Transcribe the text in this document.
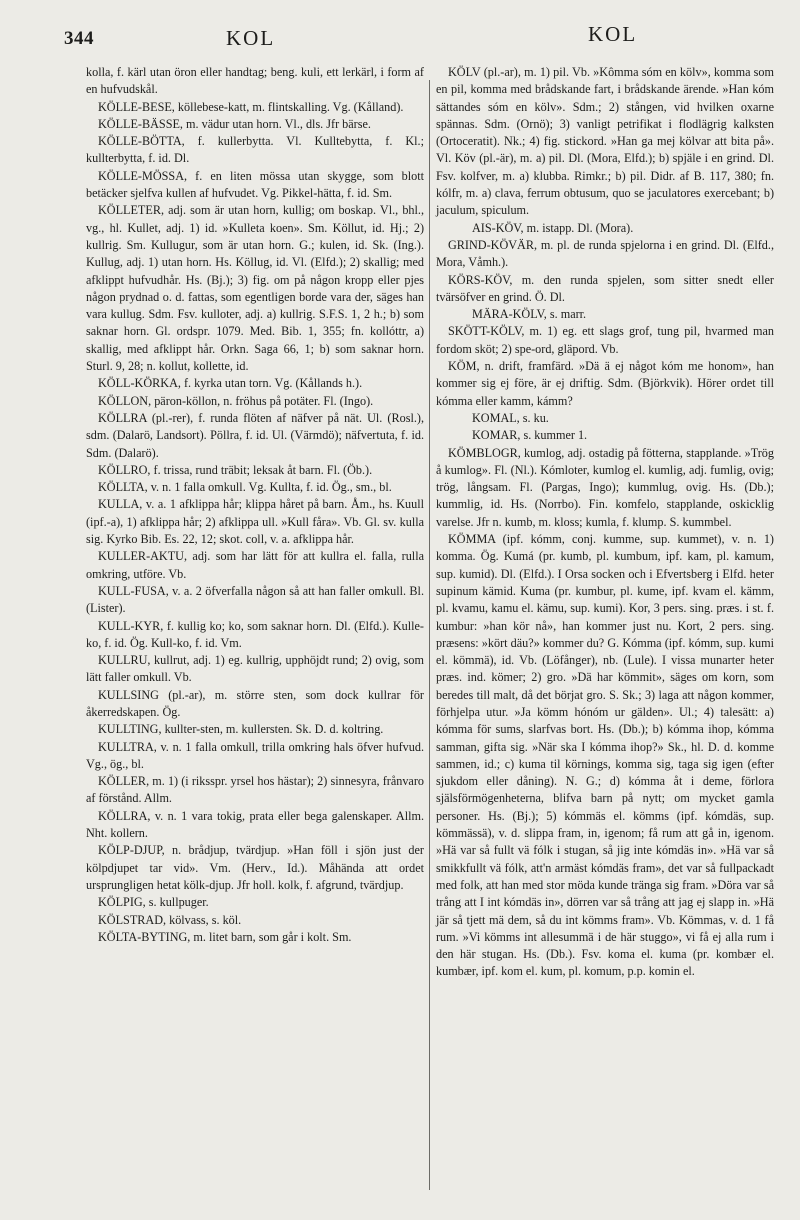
344	KOL	KOL

kolla, f. kärl utan öron eller handtag; beng. kuli, ett lerkärl, i form af en hufvudskål.

KÖLLE-BESE, köllebese-katt, m. flintskalling. Vg. (Kålland).

KÖLLE-BÄSSE, m. vädur utan horn. Vl., dls. Jfr bärse.

KÖLLE-BÖTTA, f. kullerbytta. Vl. Kulltebytta, f. Kl.; kullterbytta, f. id. Dl.

KÖLLE-MÖSSA, f. en liten mössa utan skygge, som blott betäcker sjelfva kullen af hufvudet. Vg. Pikkel-hätta, f. id. Sm.

KÖLLETER, adj. som är utan horn, kullig; om boskap. Vl., bhl., vg., hl. Kullet, adj. 1) id. »Kulleta koen». Sm. Köllut, id. Hj.; 2) kullrig. Sm. Kullugur, som är utan horn. G.; kulen, id. Sk. (Ing.). Kullug, adj. 1) utan horn. Hs. Köllug, id. Vl. (Elfd.); 2) skallig; med afklippt hufvudhår. Hs. (Bj.); 3) fig. om på någon kropp eller pjes någon prydnad o. d. fattas, som egentligen borde vara der, säges han vara kullug. Sdm. Fsv. kulloter, adj. a) kullrig. S.F.S. 1, 2 h.; b) som saknar horn. Gl. ordspr. 1079. Med. Bib. 1, 355; fn. kollóttr, a) skallig, med afklippt hår. Orkn. Saga 66, 1; b) som saknar horn. Sturl. 9, 28; n. kollut, kollette, id.

KÖLL-KÖRKA, f. kyrka utan torn. Vg. (Kållands h.).

KÖLLON, päron-köllon, n. fröhus på potäter. Fl. (Ingo).

KÖLLRA (pl.-rer), f. runda flöten af näfver på nät. Ul. (Rosl.), sdm. (Dalarö, Landsort). Pöllra, f. id. Ul. (Värmdö); näfvertuta, f. id. Sdm. (Dalarö).

KÖLLRO, f. trissa, rund träbit; leksak åt barn. Fl. (Öb.).

KÖLLTA, v. n. 1 falla omkull. Vg. Kullta, f. id. Ög., sm., bl.

KULLA, v. a. 1 afklippa hår; klippa håret på barn. Åm., hs. Kuull (ipf.-a), 1) afklippa hår; 2) afklippa ull. »Kull fåra». Vb. Gl. sv. kulla sig. Kyrko Bib. Es. 22, 12; skot. coll, v. a. afklippa hår.

KULLER-AKTU, adj. som har lätt för att kullra el. falla, rulla omkring, utföre. Vb.

KULL-FUSA, v. a. 2 öfverfalla någon så att han faller omkull. Bl. (Lister).

KULL-KYR, f. kullig ko; ko, som saknar horn. Dl. (Elfd.). Kulle-ko, f. id. Ög. Kull-ko, f. id. Vm.

KULLRU, kullrut, adj. 1) eg. kullrig, upphöjdt rund; 2) ovig, som lätt faller omkull. Vb.

KULLSING (pl.-ar), m. större sten, som dock kullrar för åkerredskapen. Ög.

KULLTING, kullter-sten, m. kullersten. Sk. D. d. koltring.

KULLTRA, v. n. 1 falla omkull, trilla omkring hals öfver hufvud. Vg., ög., bl.

KÖLLER, m. 1) (i riksspr. yrsel hos hästar); 2) sinnesyra, frånvaro af förstånd. Allm.

KÖLLRA, v. n. 1 vara tokig, prata eller bega galenskaper. Allm. Nht. kollern.

KÖLP-DJUP, n. brådjup, tvärdjup. »Han föll i sjön just der kölpdjupet tar vid». Vm. (Herv., Id.). Måhända att ordet ursprungligen hetat kölk-djup. Jfr holl. kolk, f. afgrund, tvärdjup.

KÖLPIG, s. kullpuger.

KÖLSTRAD, kölvass, s. köl.

KÖLTA-BYTING, m. litet barn, som går i kolt. Sm.

KÖLV (pl.-ar), m. 1) pil. Vb. »Kômma sóm en kölv», komma som en pil, komma med brådskande fart, i brådskande ärende. »Han kóm sättandes sóm en kölv». Sdm.; 2) stången, vid hvilken oxarne spännas. Sdm. (Ornö); 3) vanligt petrifikat i flodlägrig kalksten (Ortoceratit). Nk.; 4) fig. stickord. »Han ga mej kölvar att bita på». Vl. Köv (pl.-är), m. a) pil. Dl. (Mora, Elfd.); b) spjäle i en grind. Dl. Fsv. kolfver, m. a) klubba. Rimkr.; b) pil. Didr. af B. 117, 380; fn. kólfr, m. a) clava, ferrum obtusum, quo se jaculatores exercebant; b) jaculum, spiculum.

AIS-KÖV, m. istapp. Dl. (Mora).

GRIND-KÖVÄR, m. pl. de runda spjelorna i en grind. Dl. (Elfd., Mora, Våmh.).

KÖRS-KÖV, m. den runda spjelen, som sitter snedt eller tvärsöfver en grind. Ö. Dl.

MÄRA-KÖLV, s. marr.

SKÖTT-KÖLV, m. 1) eg. ett slags grof, tung pil, hvarmed man fordom sköt; 2) spe-ord, gläpord. Vb.

KÖM, n. drift, framfärd. »Dä ä ej något kóm me honom», han kommer sig ej före, är ej driftig. Sdm. (Björkvik). Hörer ordet till kómma eller kamm, kámm?

KOMAL, s. ku.

KOMAR, s. kummer 1.

KÖMBLOGR, kumlog, adj. ostadig på fötterna, stapplande. »Trög å kumlog». Fl. (Nl.). Kómloter, kumlog el. kumlig, adj. fumlig, ovig; trög, långsam. Fl. (Pargas, Ingo); kummlug, ovig. Hs. (Db.); kummlig, id. Hs. (Norrbo). Fin. komfelo, stapplande, oskicklig varelse. Jfr n. kumb, m. kloss; kumla, f. klump. S. kummbel.

KÖMMA (ipf. kómm, conj. kumme, sup. kummet), v. n. 1) komma. Ög. Kumá (pr. kumb, pl. kumbum, ipf. kam, pl. kamum, sup. kumid). Dl. (Elfd.). I Orsa socken och i Efvertsberg i Elfd. heter supinum kämid. Kuma (pr. kumbur, pl. kume, ipf. kvam el. kämm, pl. kvamu, kamu el. kämu, sup. kumi). Kor, 3 pers. sing. præs. i st. f. kumbur: »han kör nå», han kommer just nu. Kort, 2 pers. sing. præsens: »kört däu?» kommer du? G. Kómma (ipf. kómm, sup. kumi el. kömmä), id. Vb. (Löfånger), nb. (Lule). I vissa munarter heter præs. ind. kömer; 2) gro. »Dä har kömmit», säges om korn, som beredes till malt, då det börjat gro. S. Sk.; 3) laga att någon kommer, förhjelpa utur. »Ja kömm hónóm ur gälden». Ul.; 4) talesätt: a) kómma för sums, slarfvas bort. Hs. (Db.); b) kómma ihop, kómma samman, gifta sig. »När ska I kómma ihop?» Sk., hl. D. d. komme sammen, id.; c) kuma til körnings, komma sig, taga sig igen (efter sjukdom eller dåning). N. G.; d) kómma åt i deme, förlora själsförmögenheterna, blifva barn på nytt; om mycket gamla personer. Hs. (Bj.); 5) kómmäs el. kömms (ipf. kómdäs, sup. kömmässä), v. d. slippa fram, in, igenom; få rum att gå in, igenom. »Hä var så fullt vä fólk i stugan, så jig inte kómdäs in». »Hä var så smikkfullt vä fólk, att'n armäst kómdäs fram», det var så fullpackadt med folk, att han med stor möda kunde tränga sig fram. »Döra var så trång att I int kómdäs in», dörren var så trång att jag ej slapp in. »Hä jär så tjett mä dem, så du int kömms fram». Vb. Kömmas, v. d. 1 få rum. »Vi kömms int allesummä i de här stuggo», vi få ej alla rum i den här stugan. Hs. (Db.). Fsv. koma el. kuma (pr. kombær el. kumbær, ipf. kom el. kum, pl. komum, p.p. komin el.
